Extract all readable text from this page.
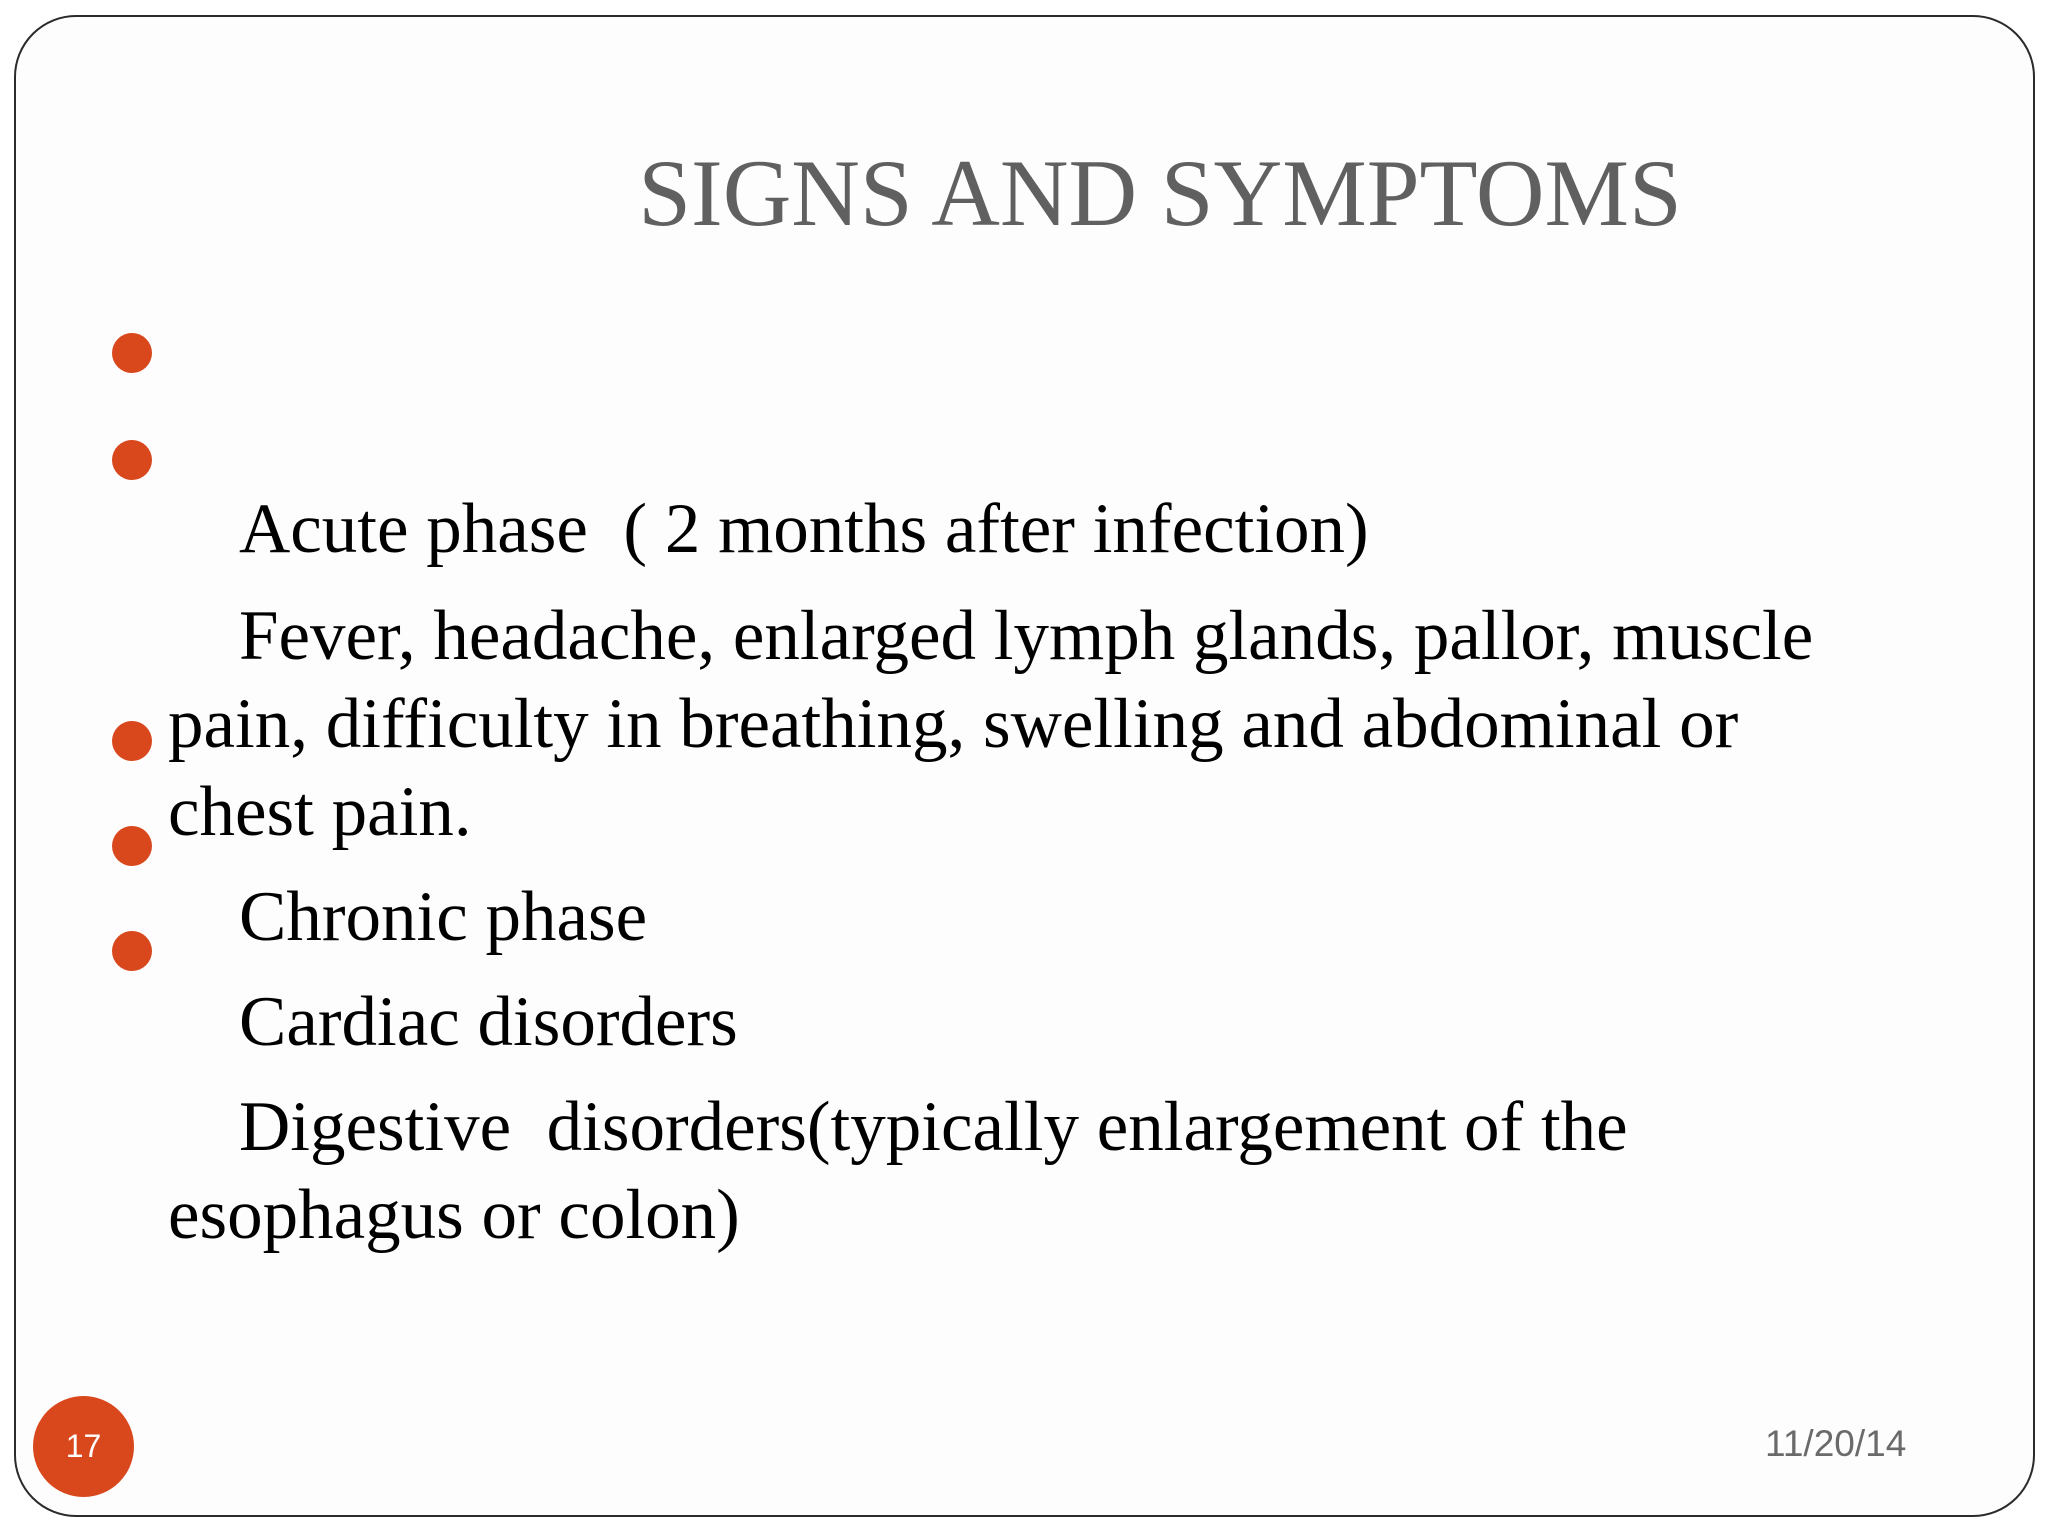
SIGNS AND SYMPTOMS

Acute phase  ( 2 months after infection)

Fever, headache, enlarged lymph glands, pallor, muscle pain, difficulty in breathing, swelling and abdominal or chest pain.

Chronic phase

Cardiac disorders

Digestive  disorders(typically enlargement of the esophagus or colon)

17	11/20/14
